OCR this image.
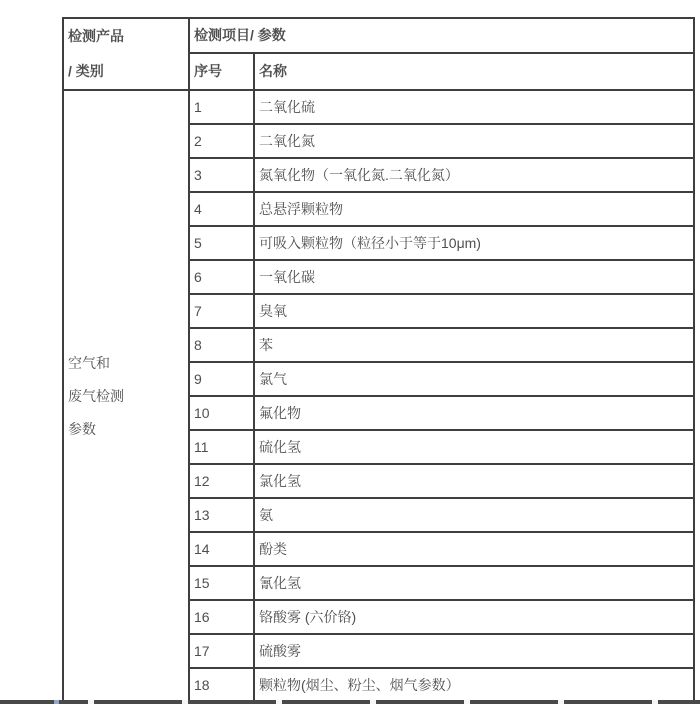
检测产品
/ 类别	检测项目/ 参数	
	序号	名称
空气和
废气检测
参数	1	二氧化硫
	2	二氧化氮
	3	氮氧化物（一氧化氮.二氧化氮）
	4	总悬浮颗粒物
	5	可吸入颗粒物（粒径小于等于10μm)
	6	一氧化碳
	7	臭氧
	8	苯
	9	氯气
	10	氟化物
	11	硫化氢
	12	氯化氢
	13	氨
	14	酚类
	15	氰化氢
	16	铬酸雾 (六价铬)
	17	硫酸雾
	18	颗粒物(烟尘、粉尘、烟气参数）
